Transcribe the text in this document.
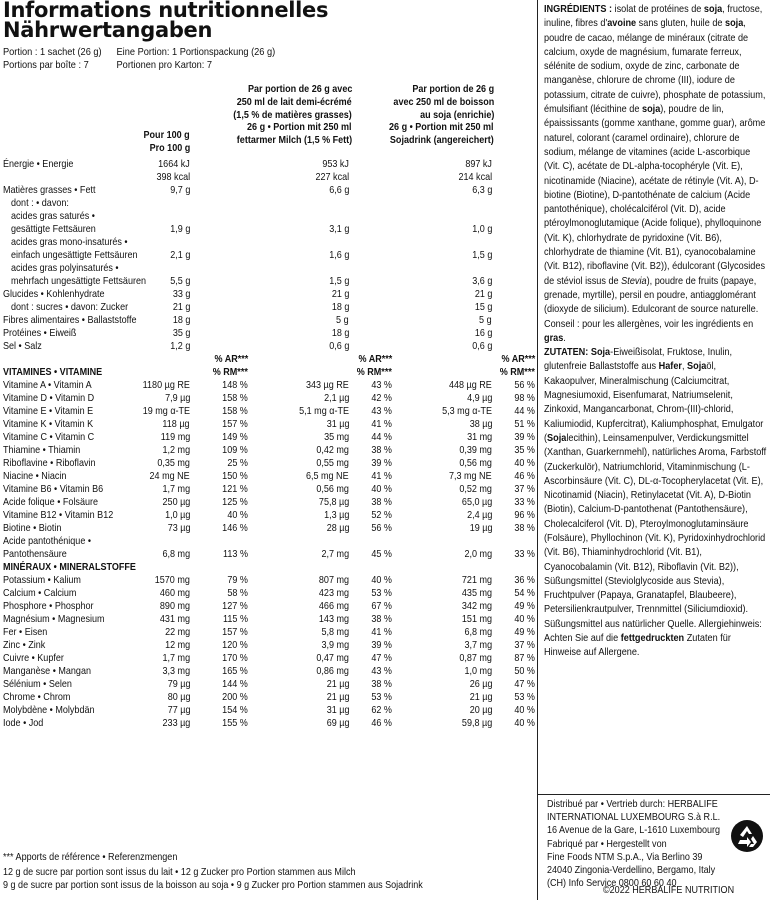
Informations nutritionnelles
Nährwertangaben
Portion : 1 sachet (26 g) Eine Portion: 1 Portionspackung (26 g)
Portions par boîte : 7	Portionen pro Karton: 7
Pour 100 g
Pro 100 g
Par portion de 26 g avec
250 ml de lait demi-écrémé
(1,5 % de matières grasses)
26 g • Portion mit 250 ml
fettarmer Milch (1,5 % Fett)
Par portion de 26 g
avec 250 ml de boisson
au soja (enrichie)
26 g • Portion mit 250 ml
Sojadrink (angereichert)
Énergie • Energie	1664 kJ	953 kJ	897 kJ
398 kcal	227 kcal	214 kcal
Matières grasses • Fett	9,7 g	6,6 g	6,3 g
dont : • davon:
acides gras saturés •
gesättigte Fettsäuren	1,9 g	3,1 g	1,0 g
acides gras mono-insaturés •
einfach ungesättigte Fettsäuren	2,1 g	1,6 g	1,5 g
acides gras polyinsaturés •
mehrfach ungesättigte Fettsäuren 5,5 g	1,5 g	3,6 g
Glucides • Kohlenhydrate	33 g	21 g	21 g
dont : sucres • davon: Zucker	21 g	18 g	15 g
Fibres alimentaires • Ballaststoffe	18 g	5 g	5 g
Protéines • Eiweiß	35 g	18 g	16 g
Sel • Salz	1,2 g	0,6 g	0,6 g
% AR***
% RM***
% AR***
% RM***
% AR***
% RM***
VITAMINES • VITAMINE
Vitamine A • Vitamin A	1180 µg RE	148 %	343 µg RE 43 %	448 µg RE 56 %
Vitamine D • Vitamin D	7,9 µg	158 %	2,1 µg 42 %	4,9 µg 98 %
Vitamine E • Vitamin E	19 mg α-TE	158 %	5,1 mg α-TE 43 %	5,3 mg α-TE 44 %
Vitamine K • Vitamin K	118 µg	157 %	31 µg 41 %	38 µg 51 %
Vitamine C • Vitamin C	119 mg	149 %	35 mg 44 %	31 mg 39 %
Thiamine • Thiamin	1,2 mg	109 %	0,42 mg 38 %	0,39 mg 35 %
Riboflavine • Riboflavin	0,35 mg	25 %	0,55 mg 39 %	0,56 mg 40 %
Niacine • Niacin	24 mg NE	150 %	6,5 mg NE 41 %	7,3 mg NE 46 %
Vitamine B6 • Vitamin B6	1,7 mg	121 %	0,56 mg 40 %	0,52 mg 37 %
Acide folique • Folsäure	250 µg	125 %	75,8 µg 38 %	65,0 µg 33 %
Vitamine B12 • Vitamin B12	1,0 µg	40 %	1,3 µg 52 %	2,4 µg 96 %
Biotine • Biotin	73 µg	146 %	28 µg 56 %	19 µg 38 %
Acide pantothénique •
Pantothensäure	6,8 mg	113 %	2,7 mg 45 %	2,0 mg 33 %
MINÉRAUX • MINERALSTOFFE
Potassium • Kalium	1570 mg	79 %	807 mg 40 %	721 mg 36 %
Calcium • Calcium	460 mg	58 %	423 mg 53 %	435 mg 54 %
Phosphore • Phosphor	890 mg	127 %	466 mg 67 %	342 mg 49 %
Magnésium • Magnesium	431 mg	115 %	143 mg 38 %	151 mg 40 %
Fer • Eisen	22 mg	157 %	5,8 mg 41 %	6,8 mg 49 %
Zinc • Zink	12 mg	120 %	3,9 mg 39 %	3,7 mg 37 %
Cuivre • Kupfer	1,7 mg	170 %	0,47 mg 47 %	0,87 mg 87 %
Manganèse • Mangan	3,3 mg	165 %	0,86 mg 43 %	1,0 mg 50 %
Sélénium • Selen	79 µg	144 %	21 µg 38 %	26 µg 47 %
Chrome • Chrom	80 µg	200 %	21 µg 53 %	21 µg 53 %
Molybdène • Molybdän	77 µg	154 %	31 µg 62 %	20 µg 40 %
Iode • Jod	233 µg	155 %	69 µg 46 %	59,8 µg 40 %
*** Apports de référence • Referenzmengen
12 g de sucre par portion sont issus du lait • 12 g Zucker pro Portion stammen aus Milch
9 g de sucre par portion sont issus de la boisson au soja • 9 g Zucker pro Portion stammen aus Sojadrink

INGRÉDIENTS : isolat de protéines de soja, fructose, inuline, fibres d'avoine sans gluten, huile de soja, poudre de cacao, mélange de minéraux (citrate de calcium, oxyde de magnésium, fumarate ferreux, sélénite de sodium, oxyde de zinc, carbonate de manganèse, chlorure de chrome (III), iodure de potassium, citrate de cuivre), phosphate de potassium, émulsifiant (lécithine de soja), poudre de lin, épaississants (gomme xanthane, gomme guar), arôme naturel, colorant (caramel ordinaire), chlorure de sodium, mélange de vitamines (acide L-ascorbique (Vit. C), acétate de DL-alpha-tocophéryle (Vit. E), nicotinamide (Niacine), acétate de rétinyle (Vit. A), D-biotine (Biotine), D-pantothénate de calcium (Acide pantothénique), cholécalciférol (Vit. D), acide ptéroylmonoglutamique (Acide folique), phylloquinone (Vit. K), chlorhydrate de pyridoxine (Vit. B6), chlorhydrate de thiamine (Vit. B1), cyanocobalamine (Vit. B12), riboflavine (Vit. B2)), édulcorant (Glycosides de stéviol issus de Stevia), poudre de fruits (papaye, grenade, myrtille), persil en poudre, antiagglomérant (dioxyde de silicium). Edulcorant de source naturelle. Conseil : pour les allergènes, voir les ingrédients en gras.
ZUTATEN: Soja-Eiweißisolat, Fruktose, Inulin, glutenfreie Ballaststoffe aus Hafer, Sojaöl, Kakaopulver, Mineralmischung (Calciumcitrat, Magnesiumoxid, Eisenfumarat, Natriumselenit, Zinkoxid, Mangancarbonat, Chrom-(III)-chlorid, Kaliumiodid, Kupfercitrat), Kaliumphosphat, Emulgator (Sojalecithin), Leinsamenpulver, Verdickungsmittel (Xanthan, Guarkernmehl), natürliches Aroma, Farbstoff (Zuckerkulör), Natriumchlorid, Vitaminmischung (L-Ascorbinsäure (Vit. C), DL-α-Tocopherylacetat (Vit. E), Nicotinamid (Niacin), Retinylacetat (Vit. A), D-Biotin (Biotin), Calcium-D-pantothenat (Pantothensäure), Cholecalciferol (Vit. D), Pteroylmonoglutaminsäure (Folsäure), Phyllochinon (Vit. K), Pyridoxinhydrochlorid (Vit. B6), Thiaminhydrochlorid (Vit. B1), Cyanocobalamin (Vit. B12), Riboflavin (Vit. B2)), Süßungsmittel (Steviolglycoside aus Stevia), Fruchtpulver (Papaya, Granatapfel, Blaubeere), Petersilienkrautpulver, Trennmittel (Siliciumdioxid). Süßungsmittel aus natürlicher Quelle. Allergiehinweis: Achten Sie auf die fettgedruckten Zutaten für Hinweise auf Allergene.

Distribué par • Vertrieb durch: HERBALIFE
INTERNATIONAL LUXEMBOURG S.à R.L.
16 Avenue de la Gare, L-1610 Luxembourg
Fabriqué par • Hergestellt von
Fine Foods NTM S.p.A., Via Berlino 39
24040 Zingonia-Verdellino, Bergamo, Italy
(CH) Info Service 0800 60 60 40
©2022 HERBALIFE NUTRITION
